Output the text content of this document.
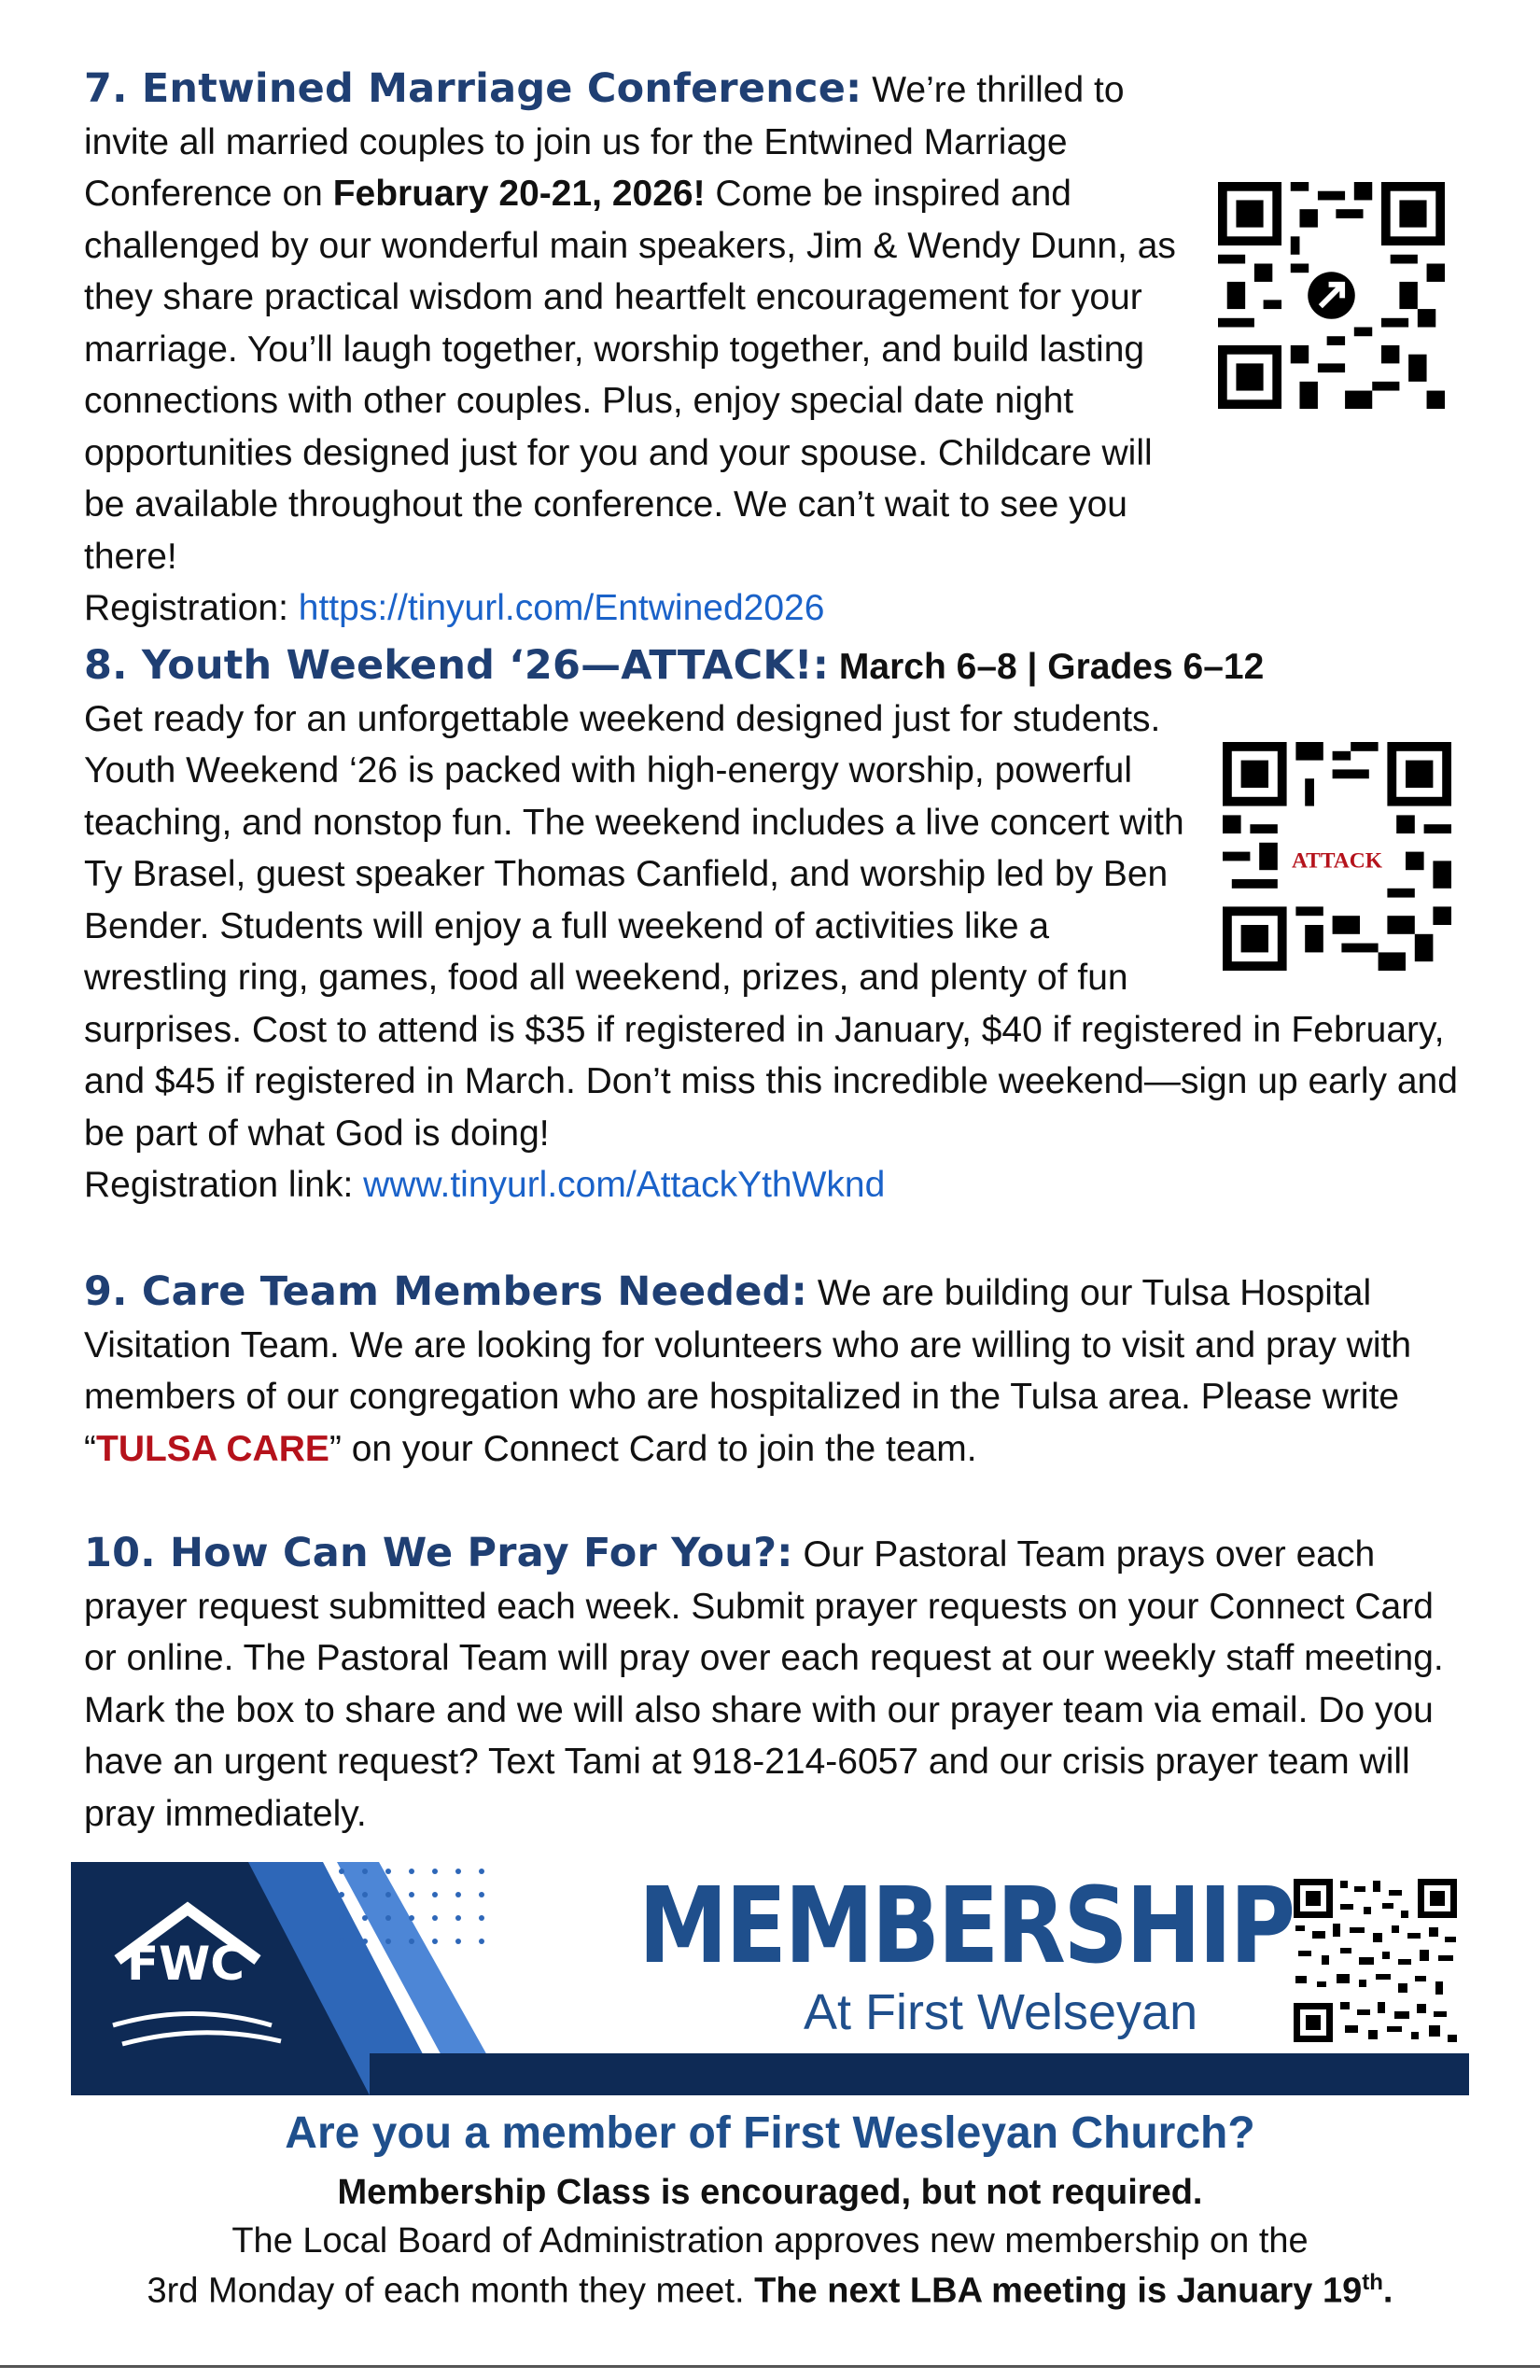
7. Entwined Marriage Conference: We’re thrilled to invite all married couples to join us for the Entwined Marriage Conference on February 20-21, 2026! Come be inspired and challenged by our wonderful main speakers, Jim & Wendy Dunn, as they share practical wisdom and heartfelt encouragement for your marriage. You’ll laugh together, worship together, and build lasting connections with other couples. Plus, enjoy special date night opportunities designed just for you and your spouse. Childcare will be available throughout the conference. We can’t wait to see you there!

Registration: https://tinyurl.com/Entwined2026

8. Youth Weekend ‘26—ATTACK!: March 6–8 | Grades 6–12

Get ready for an unforgettable weekend designed just for students. Youth Weekend ‘26 is packed with high-energy worship, powerful teaching, and nonstop fun. The weekend includes a live concert with Ty Brasel, guest speaker Thomas Canfield, and worship led by Ben Bender. Students will enjoy a full weekend of activities like a wrestling ring, games, food all weekend, prizes, and plenty of fun surprises. Cost to attend is $35 if registered in January, $40 if registered in February, and $45 if registered in March. Don’t miss this incredible weekend—sign up early and be part of what God is doing!

Registration link: www.tinyurl.com/AttackYthWknd

ATTACK

9. Care Team Members Needed: We are building our Tulsa Hospital Visitation Team. We are looking for volunteers who are willing to visit and pray with members of our congregation who are hospitalized in the Tulsa area. Please write “TULSA CARE” on your Connect Card to join the team.

10. How Can We Pray For You?: Our Pastoral Team prays over each prayer request submitted each week. Submit prayer requests on your Connect Card or online. The Pastoral Team will pray over each request at our weekly staff meeting. Mark the box to share and we will also share with our prayer team via email. Do you have an urgent request? Text Tami at 918-214-6057 and our crisis prayer team will pray immediately.

FWC	MEMBERSHIP
At First Welseyan
Are you a member of First Wesleyan Church?
Membership Class is encouraged, but not required.
The Local Board of Administration approves new membership on the
3rd Monday of each month they meet. The next LBA meeting is January 19th.
